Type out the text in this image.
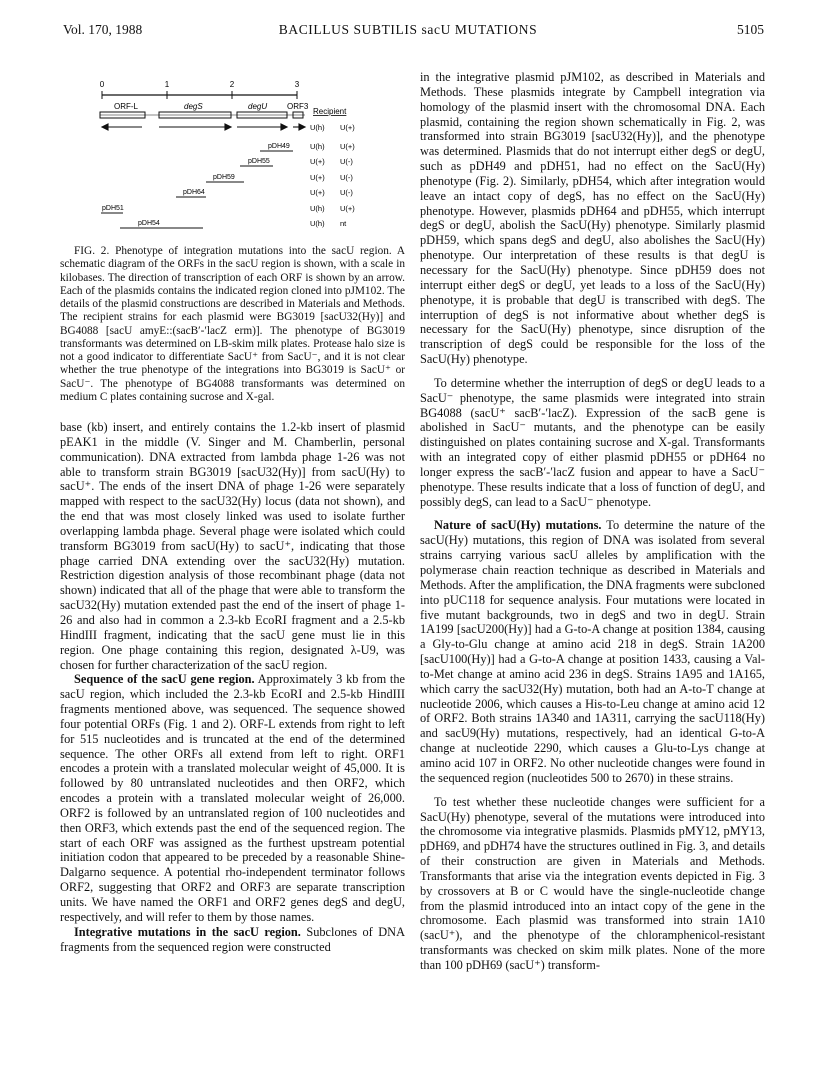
Vol. 170, 1988	BACILLUS SUBTILIS sacU MUTATIONS	5105
0	1	2	3
ORF-L	degS	degU ORF3
Recipient
U(h) U(+)
pDH49	U(h) U(+)
pDH55	U(+) U(-)
pDH59	U(+) U(-)
pDH64	U(+) U(-)
pDH51	U(h) U(+)
pDH54	U(h) nt

FIG. 2. Phenotype of integration mutations into the sacU region. A schematic diagram of the ORFs in the sacU region is shown, with a scale in kilobases. The direction of transcription of each ORF is shown by an arrow. Each of the plasmids contains the indicated region cloned into pJM102. The details of the plasmid constructions are described in Materials and Methods. The recipient strains for each plasmid were BG3019 [sacU32(Hy)] and BG4088 [sacU amyE::(sacB′-′lacZ erm)]. The phenotype of BG3019 transformants was determined on LB-skim milk plates. Protease halo size is not a good indicator to differentiate SacU⁺ from SacU⁻, and it is not clear whether the true phenotype of the integrations into BG3019 is SacU⁺ or SacU⁻. The phenotype of BG4088 transformants was determined on medium C plates containing sucrose and X-gal.

base (kb) insert, and entirely contains the 1.2-kb insert of plasmid pEAK1 in the middle (V. Singer and M. Chamberlin, personal communication). DNA extracted from lambda phage 1-26 was not able to transform strain BG3019 [sacU32(Hy)] from sacU(Hy) to sacU⁺. The ends of the insert DNA of phage 1-26 were separately mapped with respect to the sacU32(Hy) locus (data not shown), and the end that was most closely linked was used to isolate further overlapping lambda phage. Several phage were isolated which could transform BG3019 from sacU(Hy) to sacU⁺, indicating that those phage carried DNA extending over the sacU32(Hy) mutation. Restriction digestion analysis of those recombinant phage (data not shown) indicated that all of the phage that were able to transform the sacU32(Hy) mutation extended past the end of the insert of phage 1-26 and also had in common a 2.3-kb EcoRI fragment and a 2.5-kb HindIII fragment, indicating that the sacU gene must lie in this region. One phage containing this region, designated λ-U9, was chosen for further characterization of the sacU region.

Sequence of the sacU gene region. Approximately 3 kb from the sacU region, which included the 2.3-kb EcoRI and 2.5-kb HindIII fragments mentioned above, was sequenced. The sequence showed four potential ORFs (Fig. 1 and 2). ORF-L extends from right to left for 515 nucleotides and is truncated at the end of the determined sequence. The other ORFs all extend from left to right. ORF1 encodes a protein with a translated molecular weight of 45,000. It is followed by 80 untranslated nucleotides and then ORF2, which encodes a protein with a translated molecular weight of 26,000. ORF2 is followed by an untranslated region of 100 nucleotides and then ORF3, which extends past the end of the sequenced region. The start of each ORF was assigned as the furthest upstream potential initiation codon that appeared to be preceded by a reasonable Shine-Dalgarno sequence. A potential rho-independent terminator follows ORF2, suggesting that ORF2 and ORF3 are separate transcription units. We have named the ORF1 and ORF2 genes degS and degU, respectively, and will refer to them by those names.

Integrative mutations in the sacU region. Subclones of DNA fragments from the sequenced region were constructed

in the integrative plasmid pJM102, as described in Materials and Methods. These plasmids integrate by Campbell integration via homology of the plasmid insert with the chromosomal DNA. Each plasmid, containing the region shown schematically in Fig. 2, was transformed into strain BG3019 [sacU32(Hy)], and the phenotype was determined. Plasmids that do not interrupt either degS or degU, such as pDH49 and pDH51, had no effect on the SacU(Hy) phenotype (Fig. 2). Similarly, pDH54, which after integration would leave an intact copy of degS, has no effect on the SacU(Hy) phenotype. However, plasmids pDH64 and pDH55, which interrupt degS or degU, abolish the SacU(Hy) phenotype. Similarly plasmid pDH59, which spans degS and degU, also abolishes the SacU(Hy) phenotype. Our interpretation of these results is that degU is necessary for the SacU(Hy) phenotype. Since pDH59 does not interrupt either degS or degU, yet leads to a loss of the SacU(Hy) phenotype, it is probable that degU is transcribed with degS. The interruption of degS is not informative about whether degS is necessary for the SacU(Hy) phenotype, since disruption of the transcription of degS could be responsible for the loss of the SacU(Hy) phenotype.

To determine whether the interruption of degS or degU leads to a SacU⁻ phenotype, the same plasmids were integrated into strain BG4088 (sacU⁺ sacB′-′lacZ). Expression of the sacB gene is abolished in SacU⁻ mutants, and the phenotype can be easily distinguished on plates containing sucrose and X-gal. Transformants with an integrated copy of either plasmid pDH55 or pDH64 no longer express the sacB′-′lacZ fusion and appear to have a SacU⁻ phenotype. These results indicate that a loss of function of degU, and possibly degS, can lead to a SacU⁻ phenotype.

Nature of sacU(Hy) mutations. To determine the nature of the sacU(Hy) mutations, this region of DNA was isolated from several strains carrying various sacU alleles by amplification with the polymerase chain reaction technique as described in Materials and Methods. After the amplification, the DNA fragments were subcloned into pUC118 for sequence analysis. Four mutations were located in five mutant backgrounds, two in degS and two in degU. Strain 1A199 [sacU200(Hy)] had a G-to-A change at position 1384, causing a Gly-to-Glu change at amino acid 218 in degS. Strain 1A200 [sacU100(Hy)] had a G-to-A change at position 1433, causing a Val-to-Met change at amino acid 236 in degS. Strains 1A95 and 1A165, which carry the sacU32(Hy) mutation, both had an A-to-T change at nucleotide 2006, which causes a His-to-Leu change at amino acid 12 of ORF2. Both strains 1A340 and 1A311, carrying the sacU118(Hy) and sacU9(Hy) mutations, respectively, had an identical G-to-A change at nucleotide 2290, which causes a Glu-to-Lys change at amino acid 107 in ORF2. No other nucleotide changes were found in the sequenced region (nucleotides 500 to 2670) in these strains.

To test whether these nucleotide changes were sufficient for a SacU(Hy) phenotype, several of the mutations were introduced into the chromosome via integrative plasmids. Plasmids pMY12, pMY13, pDH69, and pDH74 have the structures outlined in Fig. 3, and details of their construction are given in Materials and Methods. Transformants that arise via the integration events depicted in Fig. 3 by crossovers at B or C would have the single-nucleotide change from the plasmid introduced into an intact copy of the gene in the chromosome. Each plasmid was transformed into strain 1A10 (sacU⁺), and the phenotype of the chloramphenicol-resistant transformants was checked on skim milk plates. None of the more than 100 pDH69 (sacU⁺) transform-
